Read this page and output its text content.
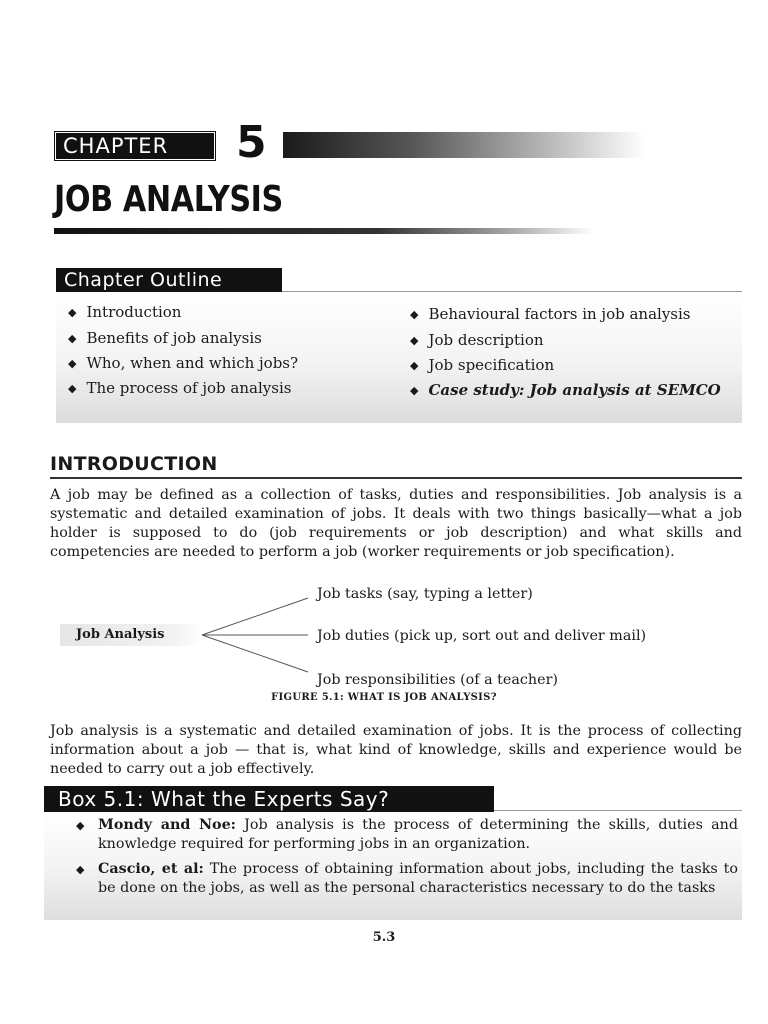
CHAPTER	5
JOB ANALYSIS
Chapter Outline
◆ Introduction
◆ Benefits of job analysis
◆ Who, when and which jobs?
◆ The process of job analysis
◆ Behavioural factors in job analysis
◆ Job description
◆ Job specification
◆ Case study: Job analysis at SEMCO
INTRODUCTION
A job may be defined as a collection of tasks, duties and responsibilities. Job analysis is a systematic and detailed examination of jobs. It deals with two things basically—what a job holder is supposed to do (job requirements or job description) and what skills and competencies are needed to perform a job (worker requirements or job specification).
Job Analysis
Job tasks (say, typing a letter)
Job duties (pick up, sort out and deliver mail)
Job responsibilities (of a teacher)
FIGURE 5.1: WHAT IS JOB ANALYSIS?
Job analysis is a systematic and detailed examination of jobs. It is the process of collecting information about a job — that is, what kind of knowledge, skills and experience would be needed to carry out a job effectively.
Box 5.1: What the Experts Say?
◆ Mondy and Noe: Job analysis is the process of determining the skills, duties and knowledge required for performing jobs in an organization.
◆ Cascio, et al: The process of obtaining information about jobs, including the tasks to be done on the jobs, as well as the personal characteristics necessary to do the tasks
5.3
